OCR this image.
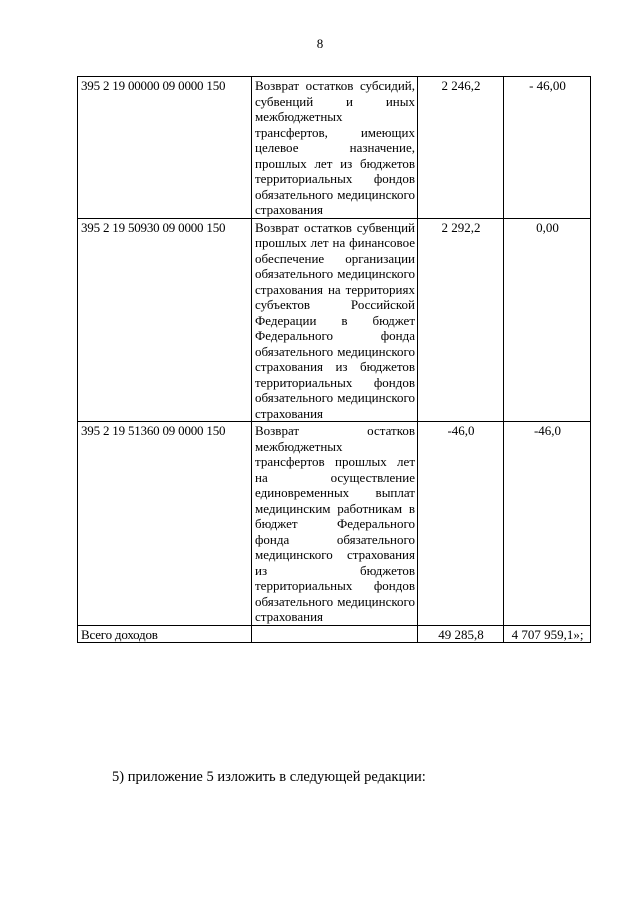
8
395 2 19 00000 09 0000 150	Возврат остатков субсидий, субвенций и иных межбюджетных трансфертов, имеющих целевое назначение, прошлых лет из бюджетов территориальных фондов обязательного медицинского страхования	2 246,2	- 46,00
395 2 19 50930 09 0000 150	Возврат остатков субвенций прошлых лет на финансовое обеспечение организации обязательного медицинского страхования на территориях субъектов Российской Федерации в бюджет Федерального фонда обязательного медицинского страхования из бюджетов территориальных фондов обязательного медицинского страхования	2 292,2	0,00
395 2 19 51360 09 0000 150	Возврат остатков межбюджетных трансфертов прошлых лет на осуществление единовременных выплат медицинским работникам в бюджет Федерального фонда обязательного медицинского страхования из бюджетов территориальных фондов обязательного медицинского страхования	-46,0	-46,0
Всего доходов		49 285,8	4 707 959,1»;
5) приложение 5 изложить в следующей редакции:
